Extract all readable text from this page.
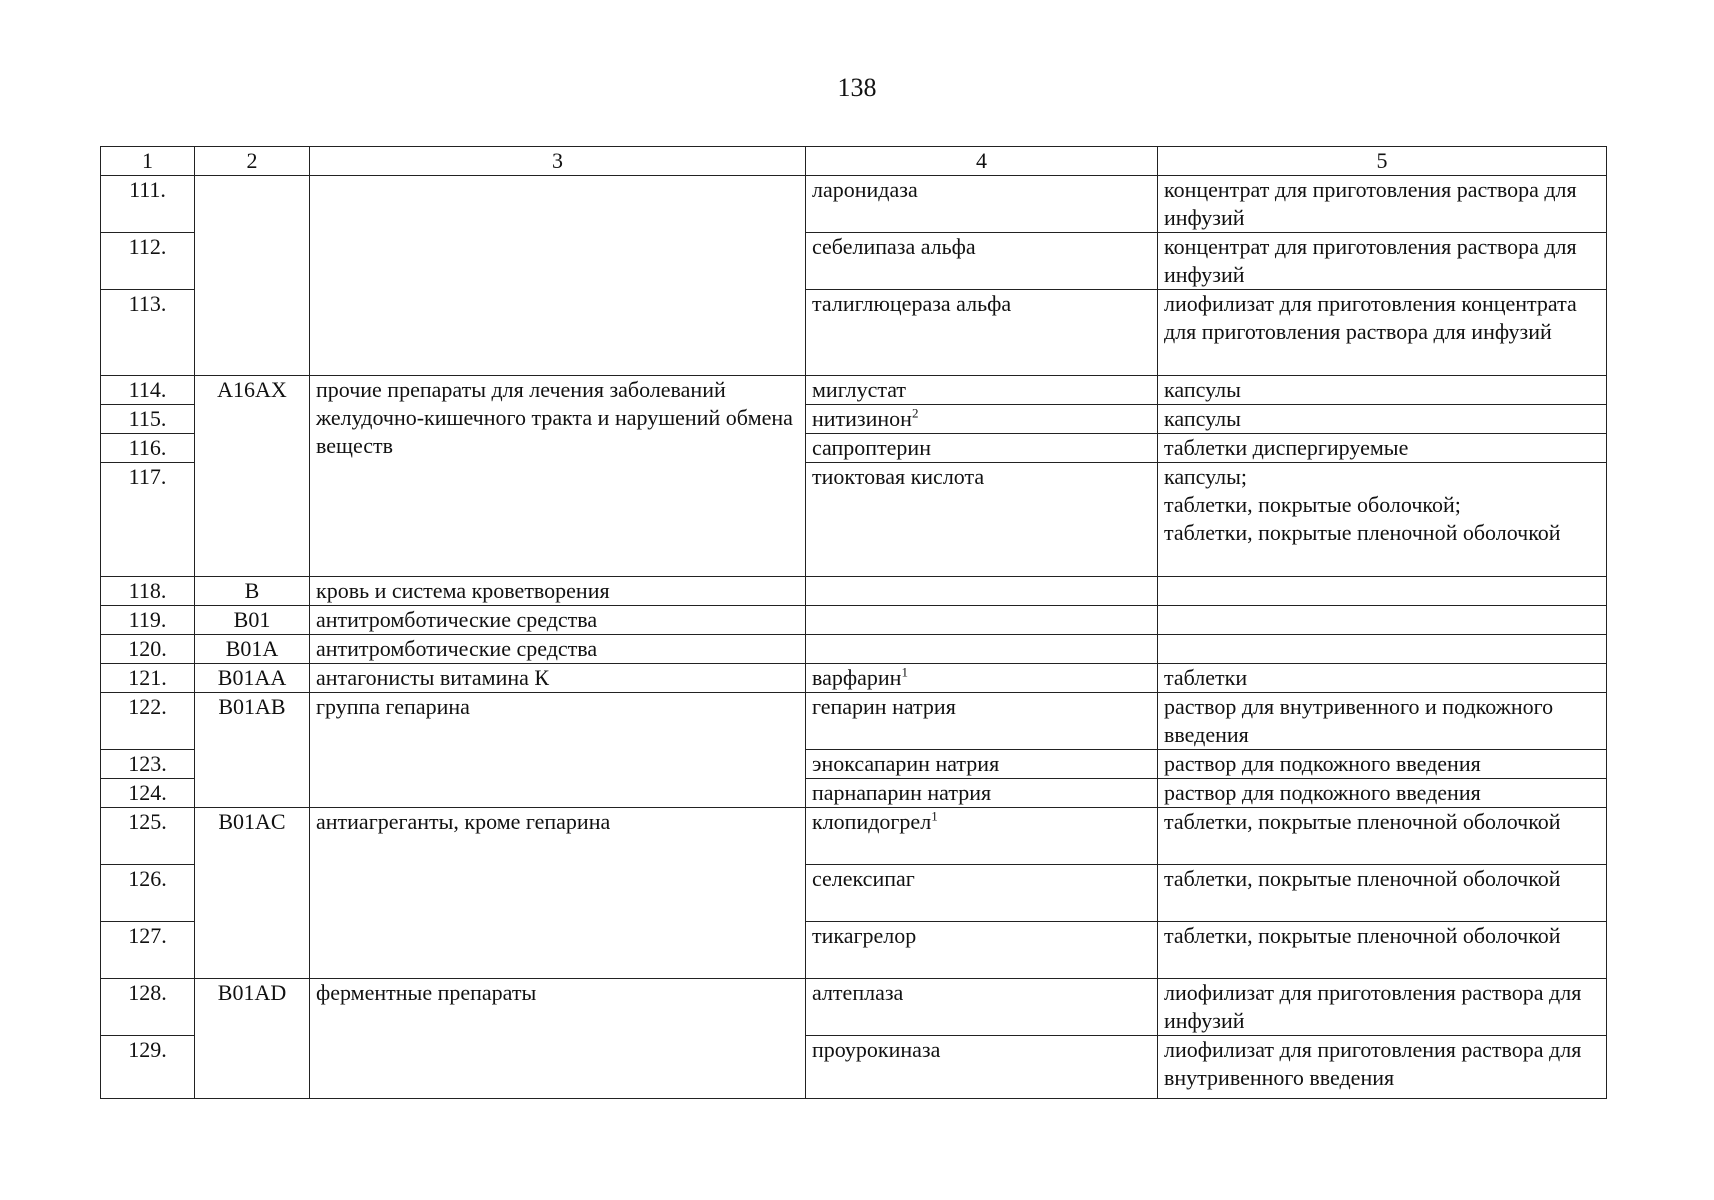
138
1	2	3	4	5
111.			ларонидаза	концентрат для приготовления раствора для инфузий
112.			себелипаза альфа	концентрат для приготовления раствора для инфузий
113.			талиглюцераза альфа	лиофилизат для приготовления концентрата для приготовления раствора для инфузий
114.	A16AX	прочие препараты для лечения заболеваний желудочно-кишечного тракта и нарушений обмена веществ	миглустат	капсулы
115.			нитизинон$^2$	капсулы
116.			сапроптерин	таблетки диспергируемые
117.			тиоктовая кислота	капсулы;
таблетки, покрытые оболочкой;
таблетки, покрытые пленочной оболочкой
118.	B	кровь и система кроветворения		
119.	B01	антитромботические средства		
120.	B01A	антитромботические средства		
121.	B01AA	антагонисты витамина К	варфарин$^1$	таблетки
122.	B01AB	группа гепарина	гепарин натрия	раствор для внутривенного и подкожного введения
123.			эноксапарин натрия	раствор для подкожного введения
124.			парнапарин натрия	раствор для подкожного введения
125.	B01AC	антиагреганты, кроме гепарина	клопидогрел$^1$	таблетки, покрытые пленочной оболочкой
126.			селексипаг	таблетки, покрытые пленочной оболочкой
127.			тикагрелор	таблетки, покрытые пленочной оболочкой
128.	B01AD	ферментные препараты	алтеплаза	лиофилизат для приготовления раствора для инфузий
129.			проурокиназа	лиофилизат для приготовления раствора для внутривенного введения
